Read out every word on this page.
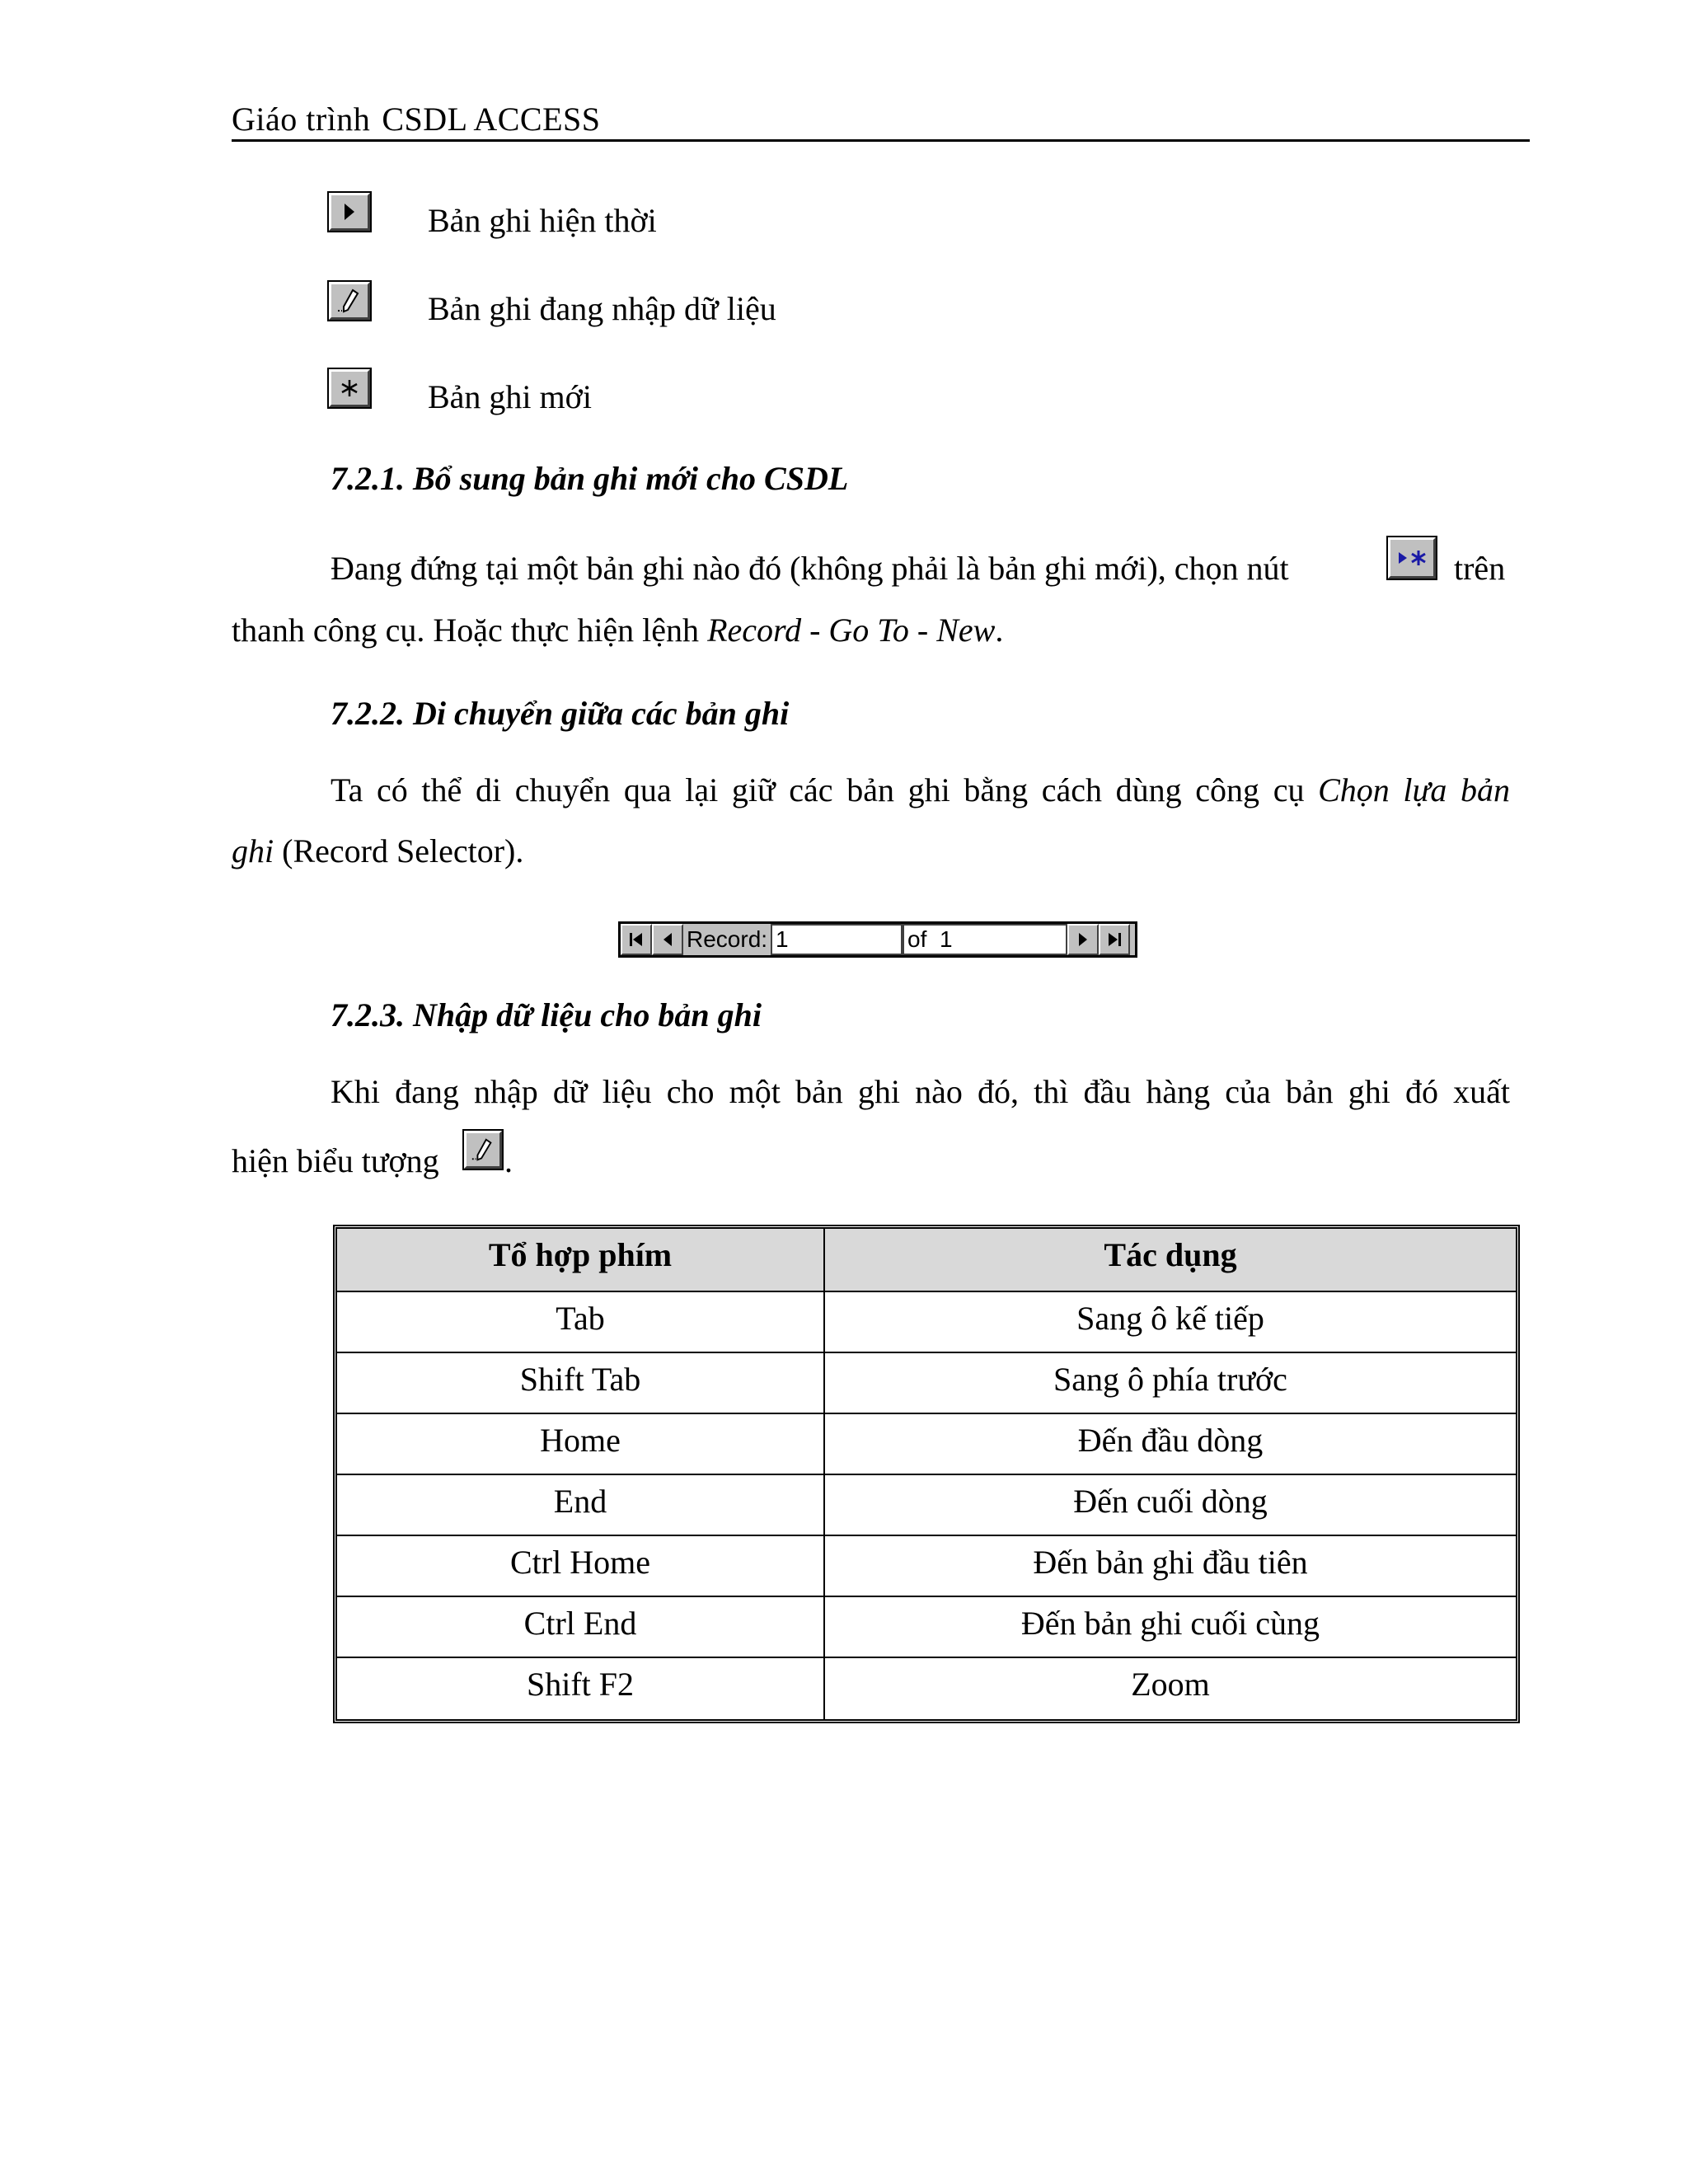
Giáo trình CSDL ACCESS
Bản ghi hiện thời
Bản ghi đang nhập dữ liệu
Bản ghi mới
7.2.1. Bổ sung bản ghi mới cho CSDL
Đang đứng tại một bản ghi nào đó (không phải là bản ghi mới), chọn nút	trên
thanh công cụ. Hoặc thực hiện lệnh Record - Go To - New.
7.2.2. Di chuyển giữa các bản ghi
Ta có thể di chuyển qua lại giữ các bản ghi bằng cách dùng công cụ Chọn lựa bản
ghi (Record Selector).
Record: 1	of 1
7.2.3. Nhập dữ liệu cho bản ghi
Khi đang nhập dữ liệu cho một bản ghi nào đó, thì đầu hàng của bản ghi đó xuất
hiện biểu tượng .
Tổ hợp phím	Tác dụng
Tab	Sang ô kế tiếp
Shift Tab	Sang ô phía trước
Home	Đến đầu dòng
End	Đến cuối dòng
Ctrl Home	Đến bản ghi đầu tiên
Ctrl End	Đến bản ghi cuối cùng
Shift F2	Zoom
